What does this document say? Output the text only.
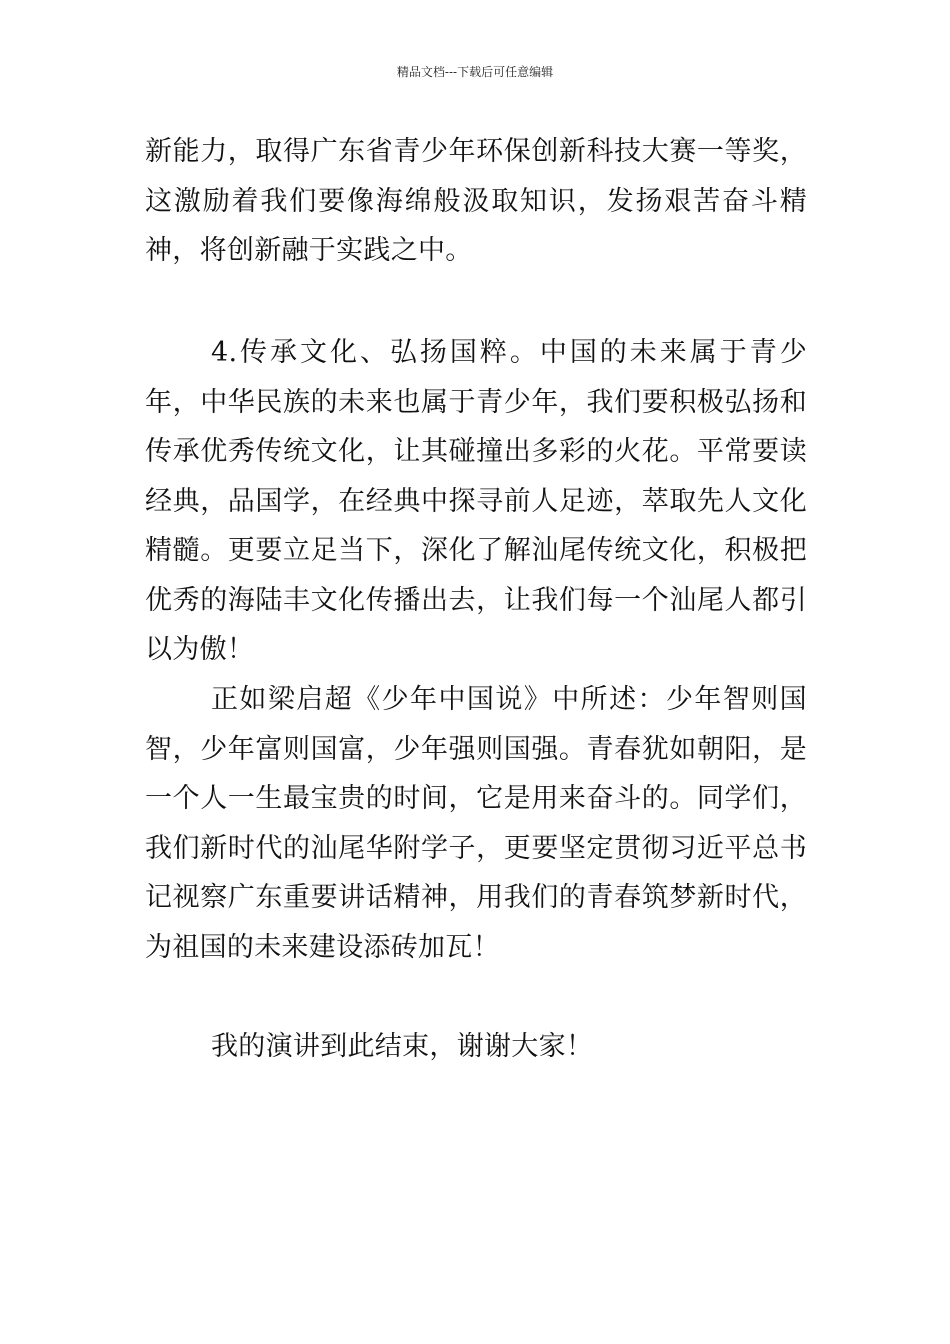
精品文档---下载后可任意编辑

新能力，取得广东省青少年环保创新科技大赛一等奖，这激励着我们要像海绵般汲取知识，发扬艰苦奋斗精神，将创新融于实践之中。

4.传承文化、弘扬国粹。中国的未来属于青少年，中华民族的未来也属于青少年，我们要积极弘扬和传承优秀传统文化，让其碰撞出多彩的火花。平常要读经典，品国学，在经典中探寻前人足迹，萃取先人文化精髓。更要立足当下，深化了解汕尾传统文化，积极把优秀的海陆丰文化传播出去，让我们每一个汕尾人都引以为傲！

正如梁启超《少年中国说》中所述：少年智则国智，少年富则国富，少年强则国强。青春犹如朝阳，是一个人一生最宝贵的时间，它是用来奋斗的。同学们，我们新时代的汕尾华附学子，更要坚定贯彻习近平总书记视察广东重要讲话精神，用我们的青春筑梦新时代，为祖国的未来建设添砖加瓦！

我的演讲到此结束，谢谢大家！
